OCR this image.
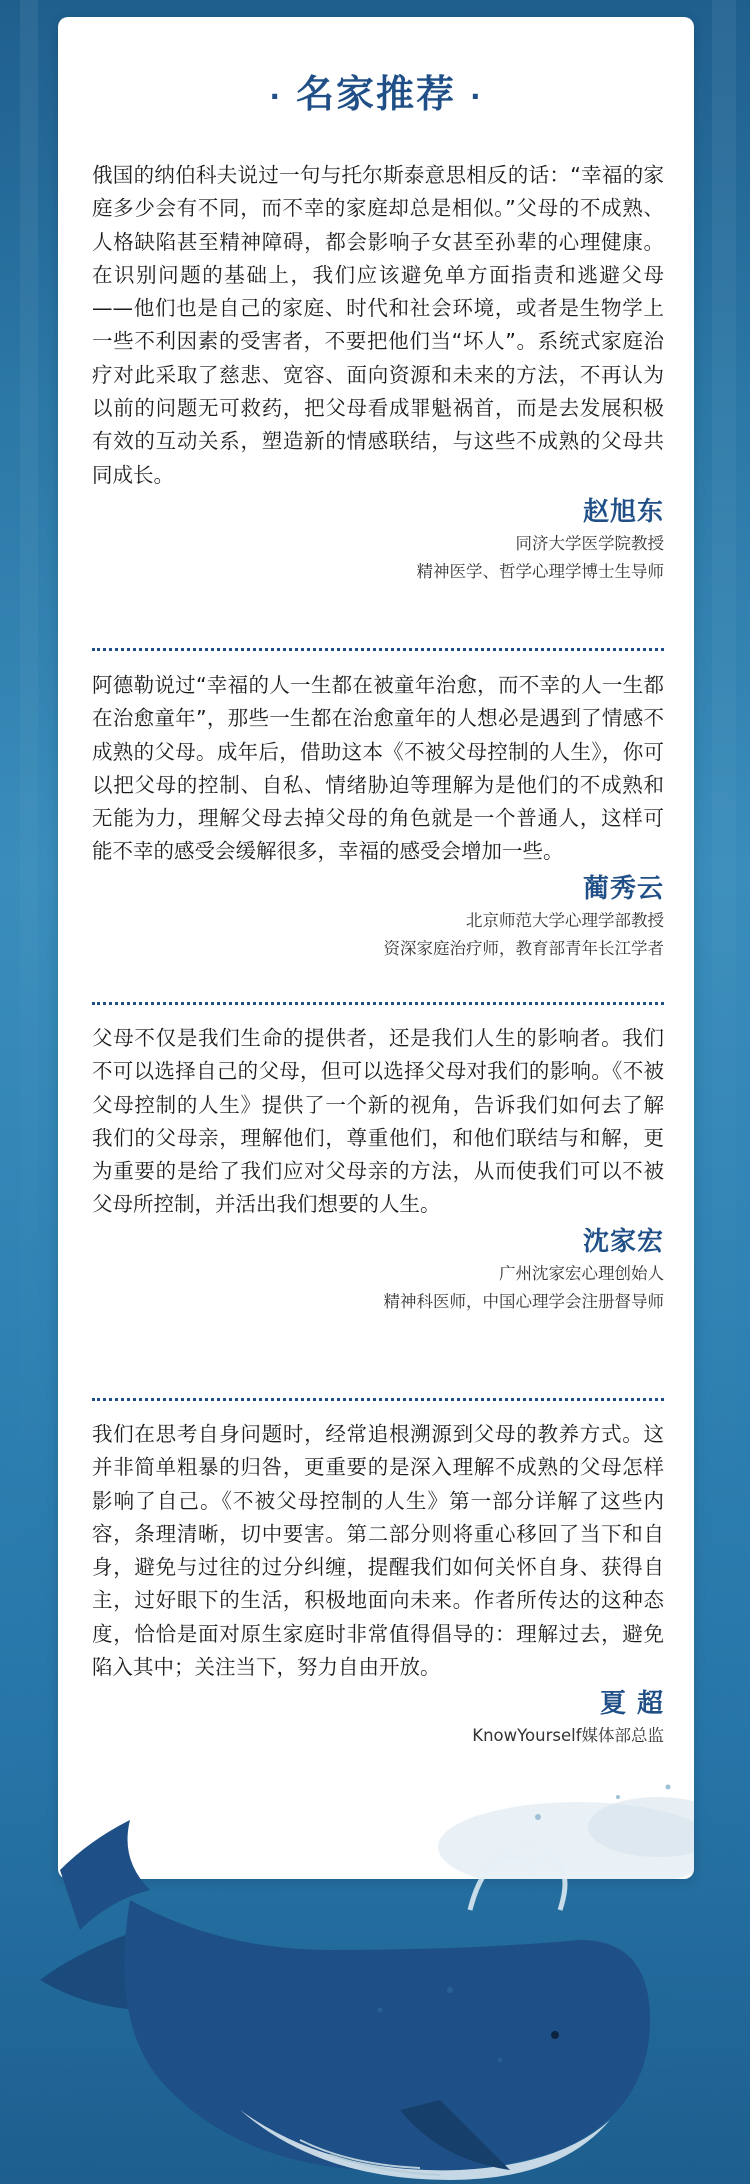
· 名家推荐 ·
俄国的纳伯科夫说过一句与托尔斯泰意思相反的话：“幸福的家庭多少会有不同，而不幸的家庭却总是相似。”父母的不成熟、人格缺陷甚至精神障碍，都会影响子女甚至孙辈的心理健康。在识别问题的基础上，我们应该避免单方面指责和逃避父母——他们也是自己的家庭、时代和社会环境，或者是生物学上一些不利因素的受害者，不要把他们当“坏人”。系统式家庭治疗对此采取了慈悲、宽容、面向资源和未来的方法，不再认为以前的问题无可救药，把父母看成罪魁祸首，而是去发展积极有效的互动关系，塑造新的情感联结，与这些不成熟的父母共同成长。
赵旭东
同济大学医学院教授
精神医学、哲学心理学博士生导师
阿德勒说过“幸福的人一生都在被童年治愈，而不幸的人一生都在治愈童年”，那些一生都在治愈童年的人想必是遇到了情感不成熟的父母。成年后，借助这本《不被父母控制的人生》，你可以把父母的控制、自私、情绪胁迫等理解为是他们的不成熟和无能为力，理解父母去掉父母的角色就是一个普通人，这样可能不幸的感受会缓解很多，幸福的感受会增加一些。
蔺秀云
北京师范大学心理学部教授
资深家庭治疗师，教育部青年长江学者
父母不仅是我们生命的提供者，还是我们人生的影响者。我们不可以选择自己的父母，但可以选择父母对我们的影响。《不被父母控制的人生》提供了一个新的视角，告诉我们如何去了解我们的父母亲，理解他们，尊重他们，和他们联结与和解，更为重要的是给了我们应对父母亲的方法，从而使我们可以不被父母所控制，并活出我们想要的人生。
沈家宏
广州沈家宏心理创始人
精神科医师，中国心理学会注册督导师
我们在思考自身问题时，经常追根溯源到父母的教养方式。这并非简单粗暴的归咎，更重要的是深入理解不成熟的父母怎样影响了自己。《不被父母控制的人生》第一部分详解了这些内容，条理清晰，切中要害。第二部分则将重心移回了当下和自身，避免与过往的过分纠缠，提醒我们如何关怀自身、获得自主，过好眼下的生活，积极地面向未来。作者所传达的这种态度，恰恰是面对原生家庭时非常值得倡导的：理解过去，避免陷入其中；关注当下，努力自由开放。
夏 超
KnowYourself媒体部总监
